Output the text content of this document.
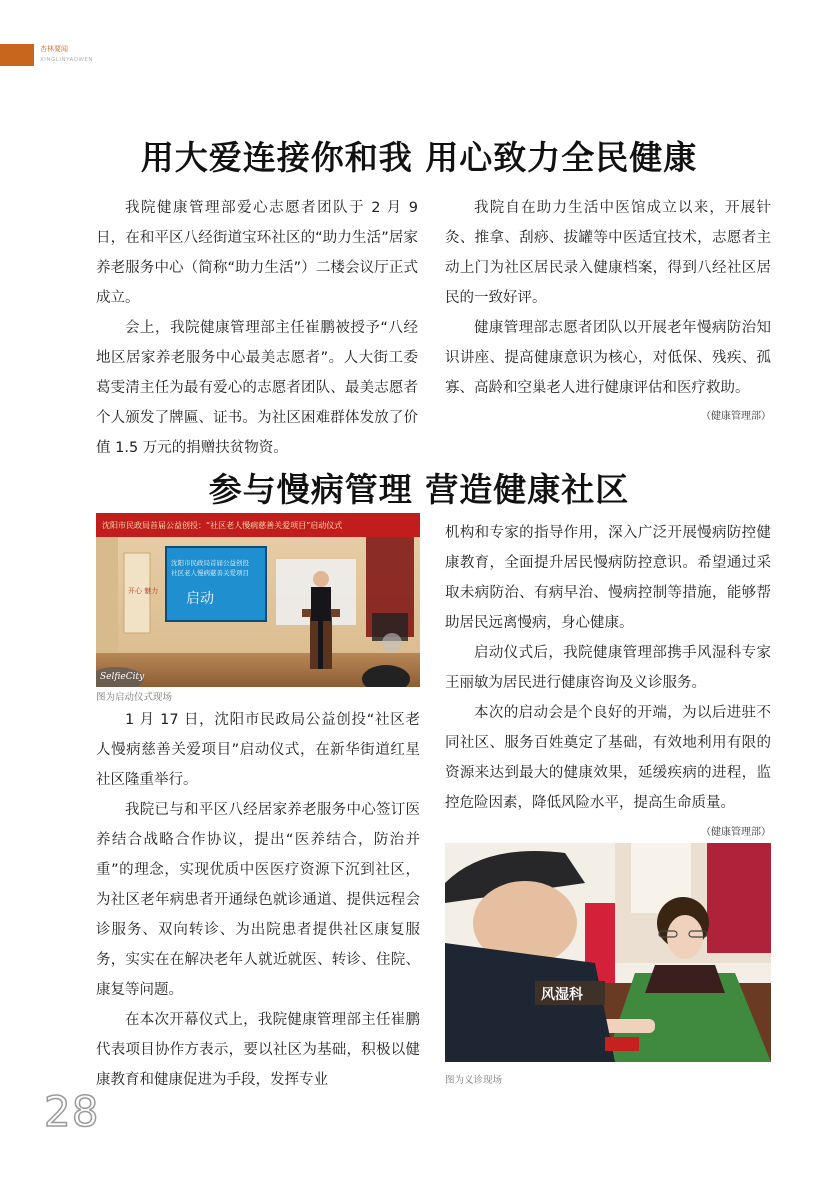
杏林要闻
XINGLINYAOWEN
用大爱连接你和我 用心致力全民健康

我院健康管理部爱心志愿者团队于 2 月 9 日，在和平区八经街道宝环社区的“助力生活”居家养老服务中心（简称“助力生活”）二楼会议厅正式成立。

会上，我院健康管理部主任崔鹏被授予“八经地区居家养老服务中心最美志愿者”。人大街工委葛雯清主任为最有爱心的志愿者团队、最美志愿者个人颁发了牌匾、证书。为社区困难群体发放了价值 1.5 万元的捐赠扶贫物资。

我院自在助力生活中医馆成立以来，开展针灸、推拿、刮痧、拔罐等中医适宜技术，志愿者主动上门为社区居民录入健康档案，得到八经社区居民的一致好评。

健康管理部志愿者团队以开展老年慢病防治知识讲座、提高健康意识为核心，对低保、残疾、孤寡、高龄和空巢老人进行健康评估和医疗救助。

（健康管理部）
参与慢病管理 营造健康社区
沈阳市民政局首届公益创投：“社区老人慢病慈善关爱项目”启动仪式
开心 魅力
沈阳市民政局首届公益创投
社区老人慢病慈善关爱项目
启动
SelfieCity
图为启动仪式现场

1 月 17 日，沈阳市民政局公益创投“社区老人慢病慈善关爱项目”启动仪式，在新华街道红星社区隆重举行。

我院已与和平区八经居家养老服务中心签订医养结合战略合作协议，提出“医养结合，防治并重”的理念，实现优质中医医疗资源下沉到社区，为社区老年病患者开通绿色就诊通道、提供远程会诊服务、双向转诊、为出院患者提供社区康复服务，实实在在解决老年人就近就医、转诊、住院、康复等问题。

在本次开幕仪式上，我院健康管理部主任崔鹏代表项目协作方表示，要以社区为基础，积极以健康教育和健康促进为手段，发挥专业

机构和专家的指导作用，深入广泛开展慢病防控健康教育，全面提升居民慢病防控意识。希望通过采取未病防治、有病早治、慢病控制等措施，能够帮助居民远离慢病，身心健康。

启动仪式后，我院健康管理部携手风湿科专家王丽敏为居民进行健康咨询及义诊服务。

本次的启动会是个良好的开端，为以后进驻不同社区、服务百姓奠定了基础，有效地利用有限的资源来达到最大的健康效果，延缓疾病的进程，监控危险因素，降低风险水平，提高生命质量。
（健康管理部）

风湿科
图为义诊现场
28
